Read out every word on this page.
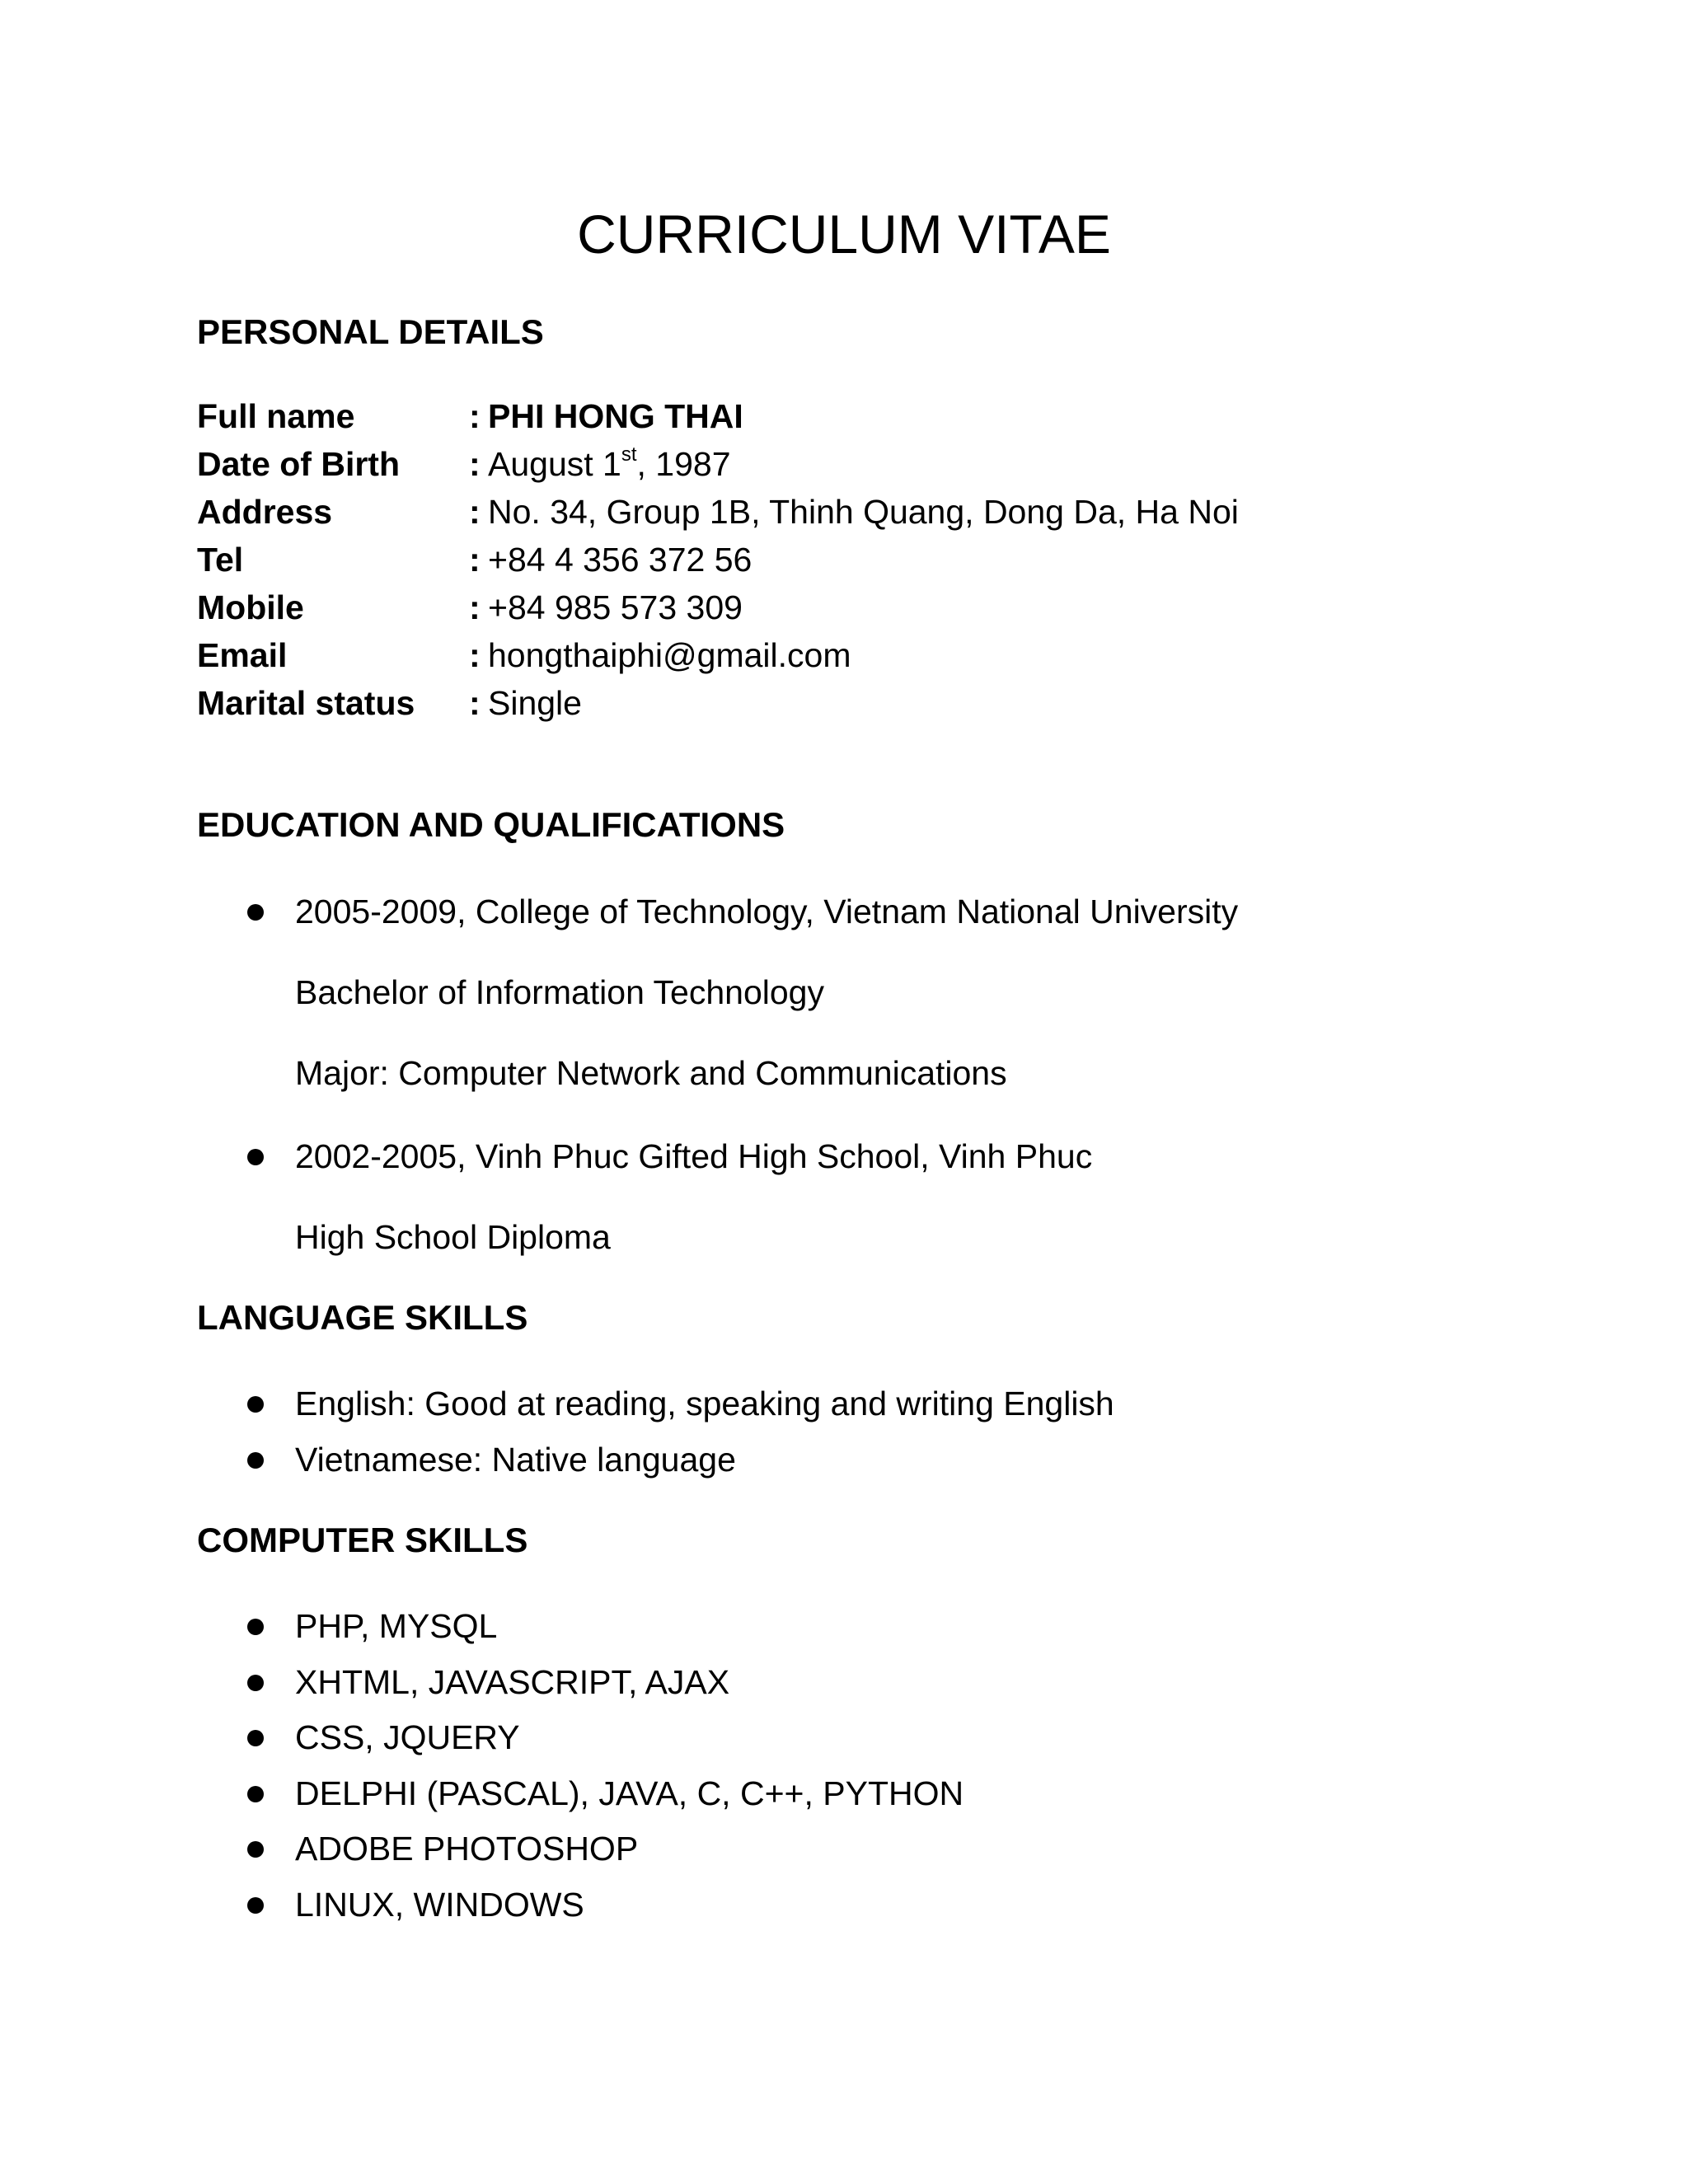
CURRICULUM VITAE
PERSONAL DETAILS
Full name	: PHI HONG THAI
Date of Birth : August 1st, 1987
Address	: No. 34, Group 1B, Thinh Quang, Dong Da, Ha Noi
Tel	: +84 4 356 372 56
Mobile	: +84 985 573 309
Email	: hongthaiphi@gmail.com
Marital status : Single
EDUCATION AND QUALIFICATIONS
2005-2009, College of Technology, Vietnam National University
Bachelor of Information Technology
Major: Computer Network and Communications
2002-2005, Vinh Phuc Gifted High School, Vinh Phuc
High School Diploma
LANGUAGE SKILLS
English: Good at reading, speaking and writing English
Vietnamese: Native language
COMPUTER SKILLS
PHP, MYSQL
XHTML, JAVASCRIPT, AJAX
CSS, JQUERY
DELPHI (PASCAL), JAVA, C, C++, PYTHON
ADOBE PHOTOSHOP
LINUX, WINDOWS
